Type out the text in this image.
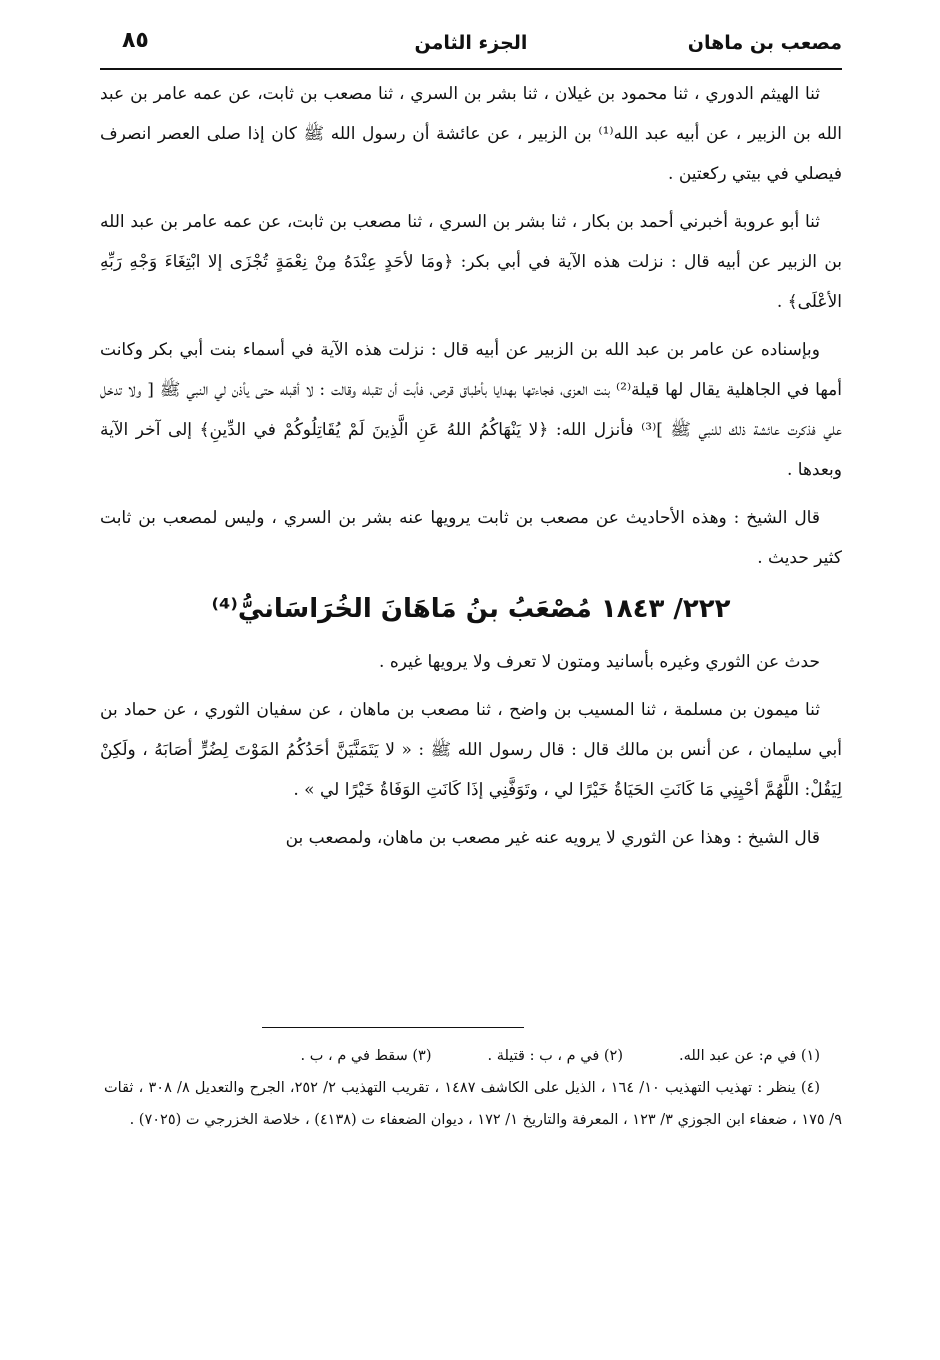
مصعب بن ماهان
الجزء الثامن
٨٥

ثنا الهيثم الدوري ، ثنا محمود بن غيلان ، ثنا بشر بن السري ، ثنا مصعب بن ثابت، عن عمه عامر بن عبد الله بن الزبير ، عن أبيه عبد الله⁽¹⁾ بن الزبير ، عن عائشة أن رسول الله ﷺ كان إذا صلى العصر انصرف فيصلي في بيتي ركعتين .

ثنا أبو عروبة أخبرني أحمد بن بكار ، ثنا بشر بن السري ، ثنا مصعب بن ثابت، عن عمه عامر بن عبد الله بن الزبير عن أبيه قال : نزلت هذه الآية في أبي بكر: ﴿ومَا لأحَدٍ عِنْدَهُ مِنْ نِعْمَةٍ تُجْزَى إلا ابْتِغَاءَ وَجْهِ رَبِّهِ الأعْلَى﴾ .

وبإسناده عن عامر بن عبد الله بن الزبير عن أبيه قال : نزلت هذه الآية في أسماء بنت أبي بكر وكانت أمها في الجاهلية يقال لها قيلة⁽²⁾ بنت العزى، فجاءتها بهدايا بأطباق قرص، فأبت أن تقبله وقالت : لا أقبله حتى يأذن لي النبي ﷺ [ ولا تدخل علي فذكرت عائشة ذلك للنبي ﷺ ]⁽³⁾ فأنزل الله: ﴿لا يَنْهَاكُمُ اللهُ عَنِ الَّذِينَ لَمْ يُقَاتِلُوكُمْ في الدِّينِ﴾ إلى آخر الآية وبعدها .

قال الشيخ : وهذه الأحاديث عن مصعب بن ثابت يرويها عنه بشر بن السري ، وليس لمصعب بن ثابت كثير حديث .

٢٢٢/ ١٨٤٣ مُصْعَبُ بنُ مَاهَانَ الخُرَاسَانيُّ⁽⁴⁾

حدث عن الثوري وغيره بأسانيد ومتون لا تعرف ولا يرويها غيره .

ثنا ميمون بن مسلمة ، ثنا المسيب بن واضح ، ثنا مصعب بن ماهان ، عن سفيان الثوري ، عن حماد بن أبي سليمان ، عن أنس بن مالك قال : قال رسول الله ﷺ : « لا يَتَمَنَّيَنَّ أحَدُكُمُ المَوْتَ لِضُرٍّ أصَابَهُ ، ولَكِنْ لِيَقُلْ: اللَّهُمَّ أحْيِنِي مَا كَانَتِ الحَيَاةُ خَيْرًا لي ، وتَوَفَّنِي إذَا كَانَتِ الوَفَاةُ خَيْرًا لي » .

قال الشيخ : وهذا عن الثوري لا يرويه عنه غير مصعب بن ماهان، ولمصعب بن

(١) في م: عن عبد الله.
(٢) في م ، ب : قتيلة .
(٣) سقط في م ، ب .

(٤) ينظر : تهذيب التهذيب ١٠/ ١٦٤ ، الذيل على الكاشف ١٤٨٧ ، تقريب التهذيب ٢/ ٢٥٢، الجرح والتعديل ٨/ ٣٠٨ ، ثقات ٩/ ١٧٥ ، ضعفاء ابن الجوزي ٣/ ١٢٣ ، المعرفة والتاريخ ١/ ١٧٢ ، ديوان الضعفاء ت (٤١٣٨) ، خلاصة الخزرجي ت (٧٠٢٥) .
